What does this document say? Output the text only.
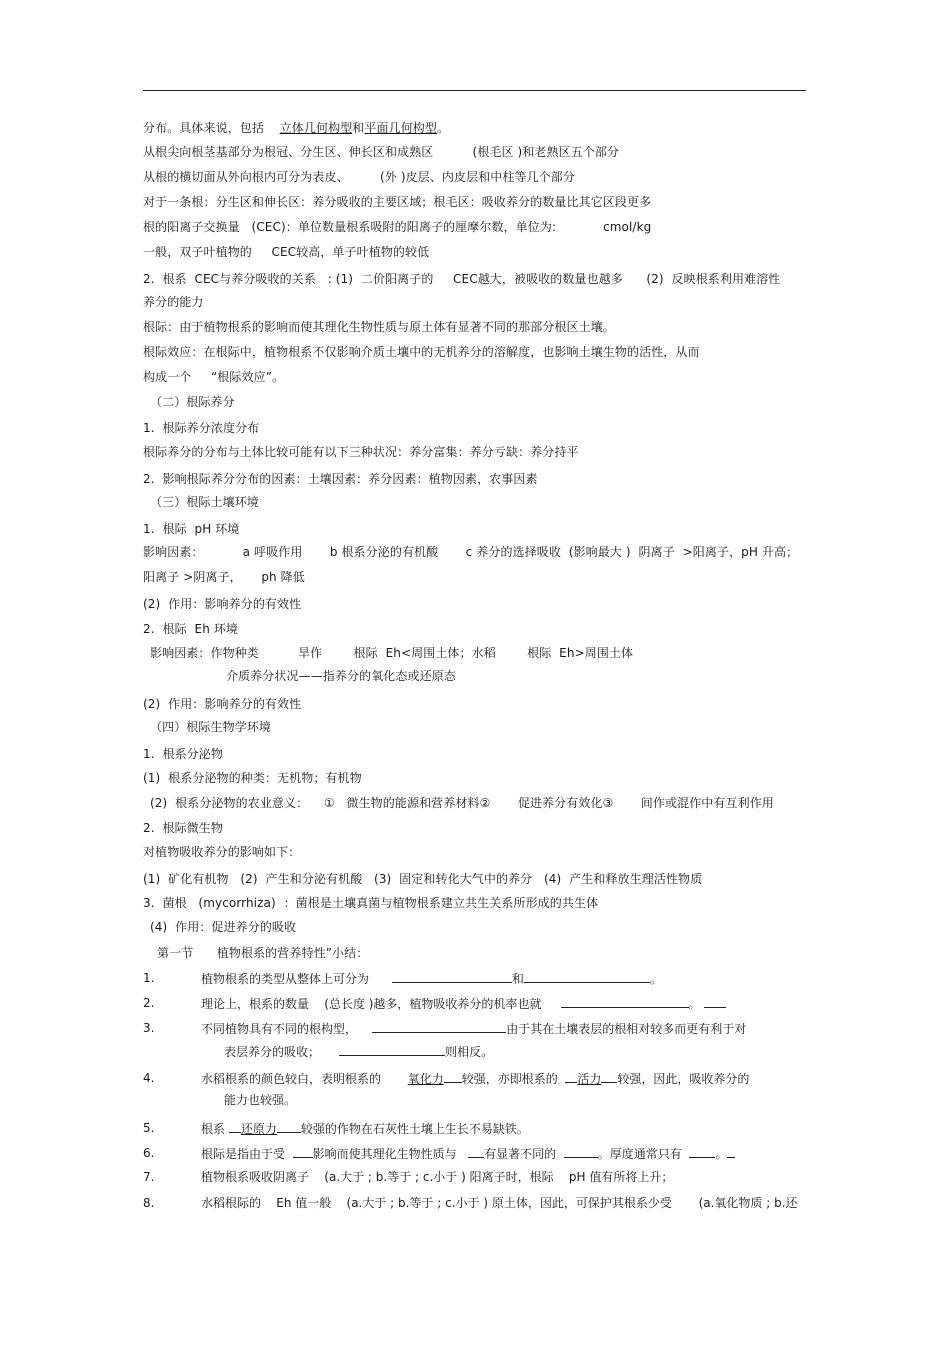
分布。具体来说，包括 立体几何构型和平面几何构型。
从根尖向根茎基部分为根冠、分生区、伸长区和成熟区          (根毛区 )和老熟区五个部分
从根的横切面从外向根内可分为表皮、        (外 )皮层、内皮层和中柱等几个部分
对于一条根：分生区和伸长区：养分吸收的主要区域；根毛区：吸收养分的数量比其它区段更多
根的阳离子交换量   (CEC)：单位数量根系吸附的阳离子的厘摩尔数，单位为:            cmol/kg
一般，双子叶植物的     CEC较高，单子叶植物的较低
2.  根系  CEC与养分吸收的关系   : (1)  二价阳离子的     CEC越大，被吸收的数量也越多      (2)  反映根系利用难溶性
养分的能力
根际：由于植物根系的影响而使其理化生物性质与原土体有显著不同的那部分根区土壤。
根际效应：在根际中，植物根系不仅影响介质土壤中的无机养分的溶解度，也影响土壤生物的活性，从而
构成一个     “根际效应”。
（二）根际养分
1.  根际养分浓度分布
根际养分的分布与土体比较可能有以下三种状况：养分富集：养分亏缺：养分持平
2.  影响根际养分分布的因素：土壤因素：养分因素：植物因素，农事因素
（三）根际土壤环境
1.  根际  pH 环境
影响因素：          a 呼吸作用       b 根系分泌的有机酸       c 养分的选择吸收  (影响最大 )  阴离子  >阳离子，pH 升高；
阳离子 >阴离子，     ph 降低
(2)  作用：影响养分的有效性
2.  根际  Eh 环境
影响因素：作物种类          旱作        根际  Eh<周围土体；水稻        根际  Eh>周围土体
介质养分状况——指养分的氧化态或还原态
(2)  作用：影响养分的有效性
（四）根际生物学环境
1.  根系分泌物
(1)  根系分泌物的种类：无机物；有机物
(2)  根系分泌物的农业意义：    ①   微生物的能源和营养材料②       促进养分有效化③       间作或混作中有互利作用
2.  根际微生物
对植物吸收养分的影响如下：
(1)  矿化有机物   (2)  产生和分泌有机酸   (3)  固定和转化大气中的养分   (4)  产生和释放生理活性物质
3.  菌根   (mycorrhiza)  ：菌根是土壤真菌与植物根系建立共生关系所形成的共生体
(4)  作用：促进养分的吸收
第一节      植物根系的营养特性”小结：
1.	植物根系的类型从整体上可分为	和	。
2.	理论上，根系的数量    (总长度 )越多，植物吸收养分的机率也就	。
3.	不同植物具有不同的根构型，	由于其在土壤表层的根相对较多而更有利于对
表层养分的吸收；	则相反。
4.	水稻根系的颜色较白，表明根系的 氧化力 较强，亦即根系的 活力 较强，因此，吸收养分的
能力也较强。
5.	根系 还原力 较强的作物在石灰性土壤上生长不易缺铁。
6.	根际是指由于受 影响而使其理化生物性质与 有显著不同的	。厚度通常只有	。
7.	植物根系吸收阴离子    (a.大于 ; b.等于 ; c.小于 ) 阳离子时，根际    pH 值有所将上升；
8.	水稻根际的    Eh 值一般    (a.大于 ; b.等于 ; c.小于 ) 原土体，因此，可保护其根系少受       (a.氧化物质 ; b.还
